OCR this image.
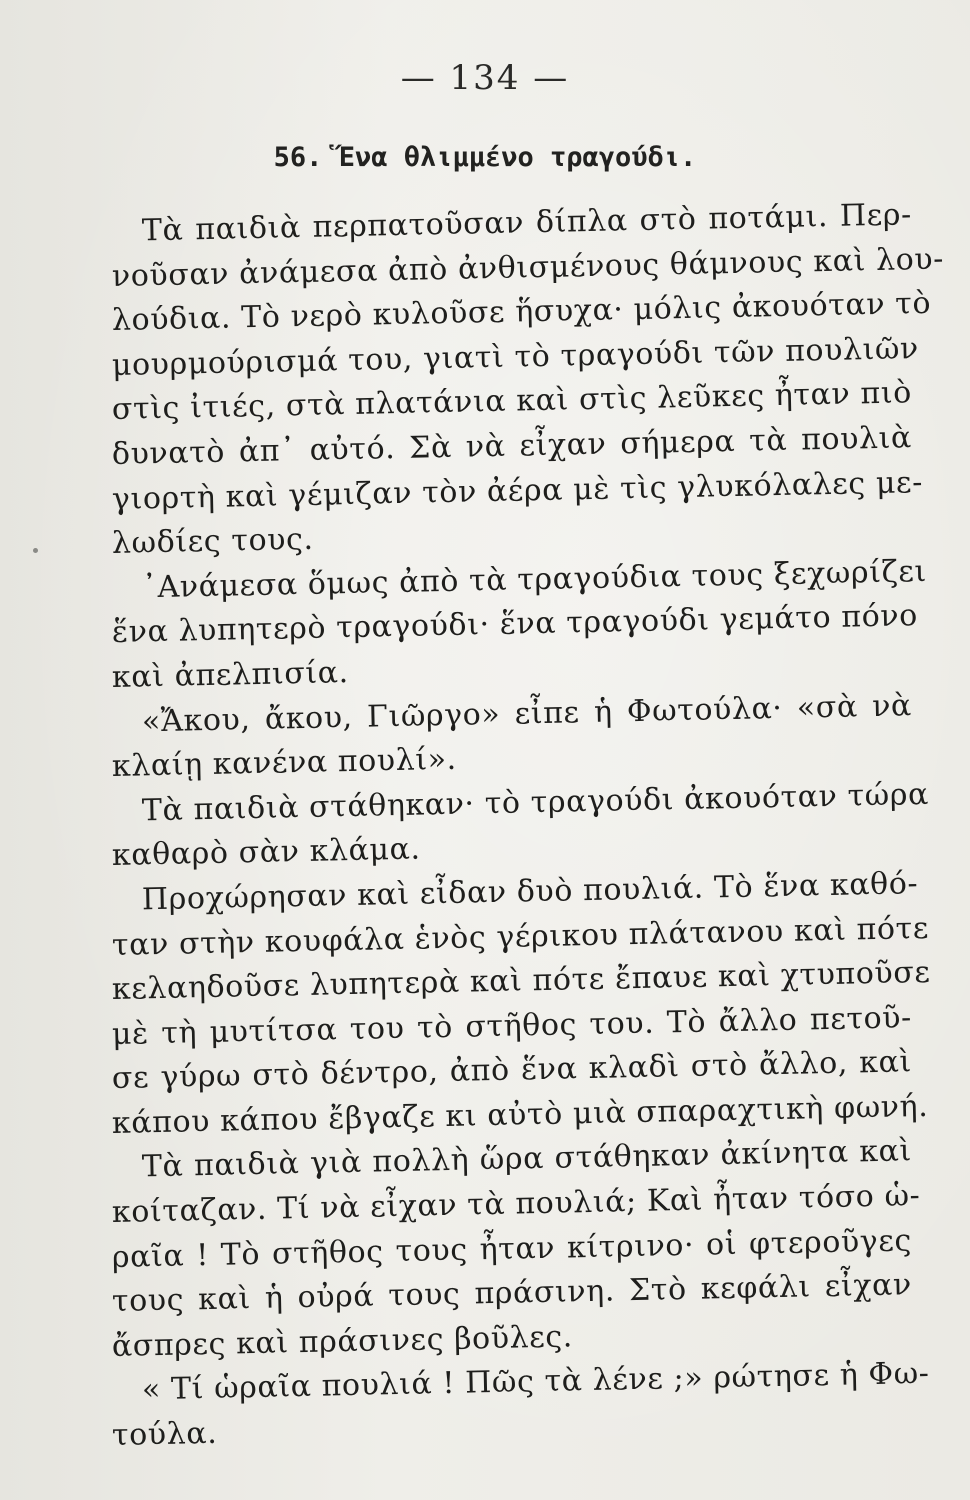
— 134 —
56. Ἕνα θλιμμένο τραγούδι.
Τὰ παιδιὰ περπατοῦσαν δίπλα στὸ ποτάμι. Περ-
νοῦσαν ἀνάμεσα ἀπὸ ἀνθισμένους θάμνους καὶ λου-
λούδια. Τὸ νερὸ κυλοῦσε ἥσυχα· μόλις ἀκουόταν τὸ
μουρμούρισμά του, γιατὶ τὸ τραγούδι τῶν πουλιῶν
στὶς ἰτιές, στὰ πλατάνια καὶ στὶς λεῦκες ἦταν πιὸ
δυνατὸ ἀπ᾽ αὐτό. Σὰ νὰ εἶχαν σήμερα τὰ πουλιὰ
γιορτὴ καὶ γέμιζαν τὸν ἀέρα μὲ τὶς γλυκόλαλες με-
λωδίες τους.
᾿Ανάμεσα ὅμως ἀπὸ τὰ τραγούδια τους ξεχωρίζει
ἕνα λυπητερὸ τραγούδι· ἕνα τραγούδι γεμάτο πόνο
καὶ ἀπελπισία.
«Ἄκου, ἄκου, Γιῶργο» εἶπε ἡ Φωτούλα· «σὰ νὰ
κλαίῃ κανένα πουλί».
Τὰ παιδιὰ στάθηκαν· τὸ τραγούδι ἀκουόταν τώρα
καθαρὸ σὰν κλάμα.
Προχώρησαν καὶ εἶδαν δυὸ πουλιά. Τὸ ἕνα καθό-
ταν στὴν κουφάλα ἑνὸς γέρικου πλάτανου καὶ πότε
κελαηδοῦσε λυπητερὰ καὶ πότε ἔπαυε καὶ χτυποῦσε
μὲ τὴ μυτίτσα του τὸ στῆθος του. Τὸ ἄλλο πετοῦ-
σε γύρω στὸ δέντρο, ἀπὸ ἕνα κλαδὶ στὸ ἄλλο, καὶ
κάπου κάπου ἔβγαζε κι αὐτὸ μιὰ σπαραχτικὴ φωνή.
Τὰ παιδιὰ γιὰ πολλὴ ὥρα στάθηκαν ἀκίνητα καὶ
κοίταζαν. Τί νὰ εἶχαν τὰ πουλιά; Καὶ ἦταν τόσο ὡ-
ραῖα ! Τὸ στῆθος τους ἦταν κίτρινο· οἱ φτεροῦγες
τους καὶ ἡ οὐρά τους πράσινη. Στὸ κεφάλι εἶχαν
ἄσπρες καὶ πράσινες βοῦλες.
« Τί ὡραῖα πουλιά ! Πῶς τὰ λένε ;» ρώτησε ἡ Φω-
τούλα.
